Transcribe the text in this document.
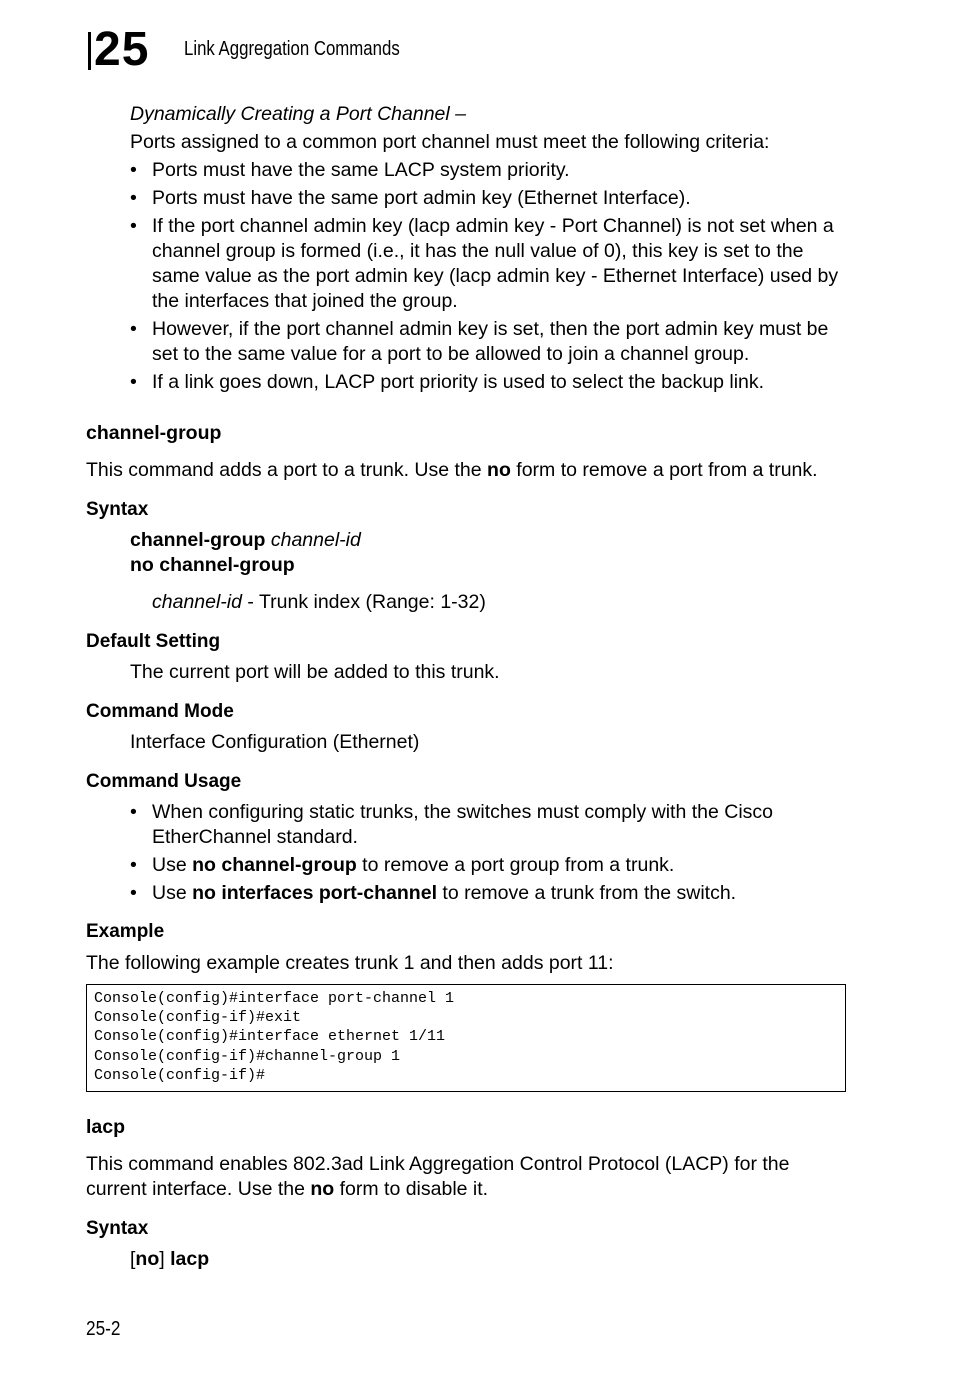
25 Link Aggregation Commands
Dynamically Creating a Port Channel –
Ports assigned to a common port channel must meet the following criteria:
• Ports must have the same LACP system priority.
• Ports must have the same port admin key (Ethernet Interface).
• If the port channel admin key (lacp admin key - Port Channel) is not set when a channel group is formed (i.e., it has the null value of 0), this key is set to the same value as the port admin key (lacp admin key - Ethernet Interface) used by the interfaces that joined the group.
• However, if the port channel admin key is set, then the port admin key must be set to the same value for a port to be allowed to join a channel group.
• If a link goes down, LACP port priority is used to select the backup link.
channel-group
This command adds a port to a trunk. Use the no form to remove a port from a trunk.
Syntax
channel-group channel-id
no channel-group
channel-id - Trunk index (Range: 1-32)
Default Setting
The current port will be added to this trunk.
Command Mode
Interface Configuration (Ethernet)
Command Usage
• When configuring static trunks, the switches must comply with the Cisco EtherChannel standard.
• Use no channel-group to remove a port group from a trunk.
• Use no interfaces port-channel to remove a trunk from the switch.
Example
The following example creates trunk 1 and then adds port 11:
Console(config)#interface port-channel 1
Console(config-if)#exit
Console(config)#interface ethernet 1/11
Console(config-if)#channel-group 1
Console(config-if)#
lacp
This command enables 802.3ad Link Aggregation Control Protocol (LACP) for the current interface. Use the no form to disable it.
Syntax
[no] lacp
25-2
